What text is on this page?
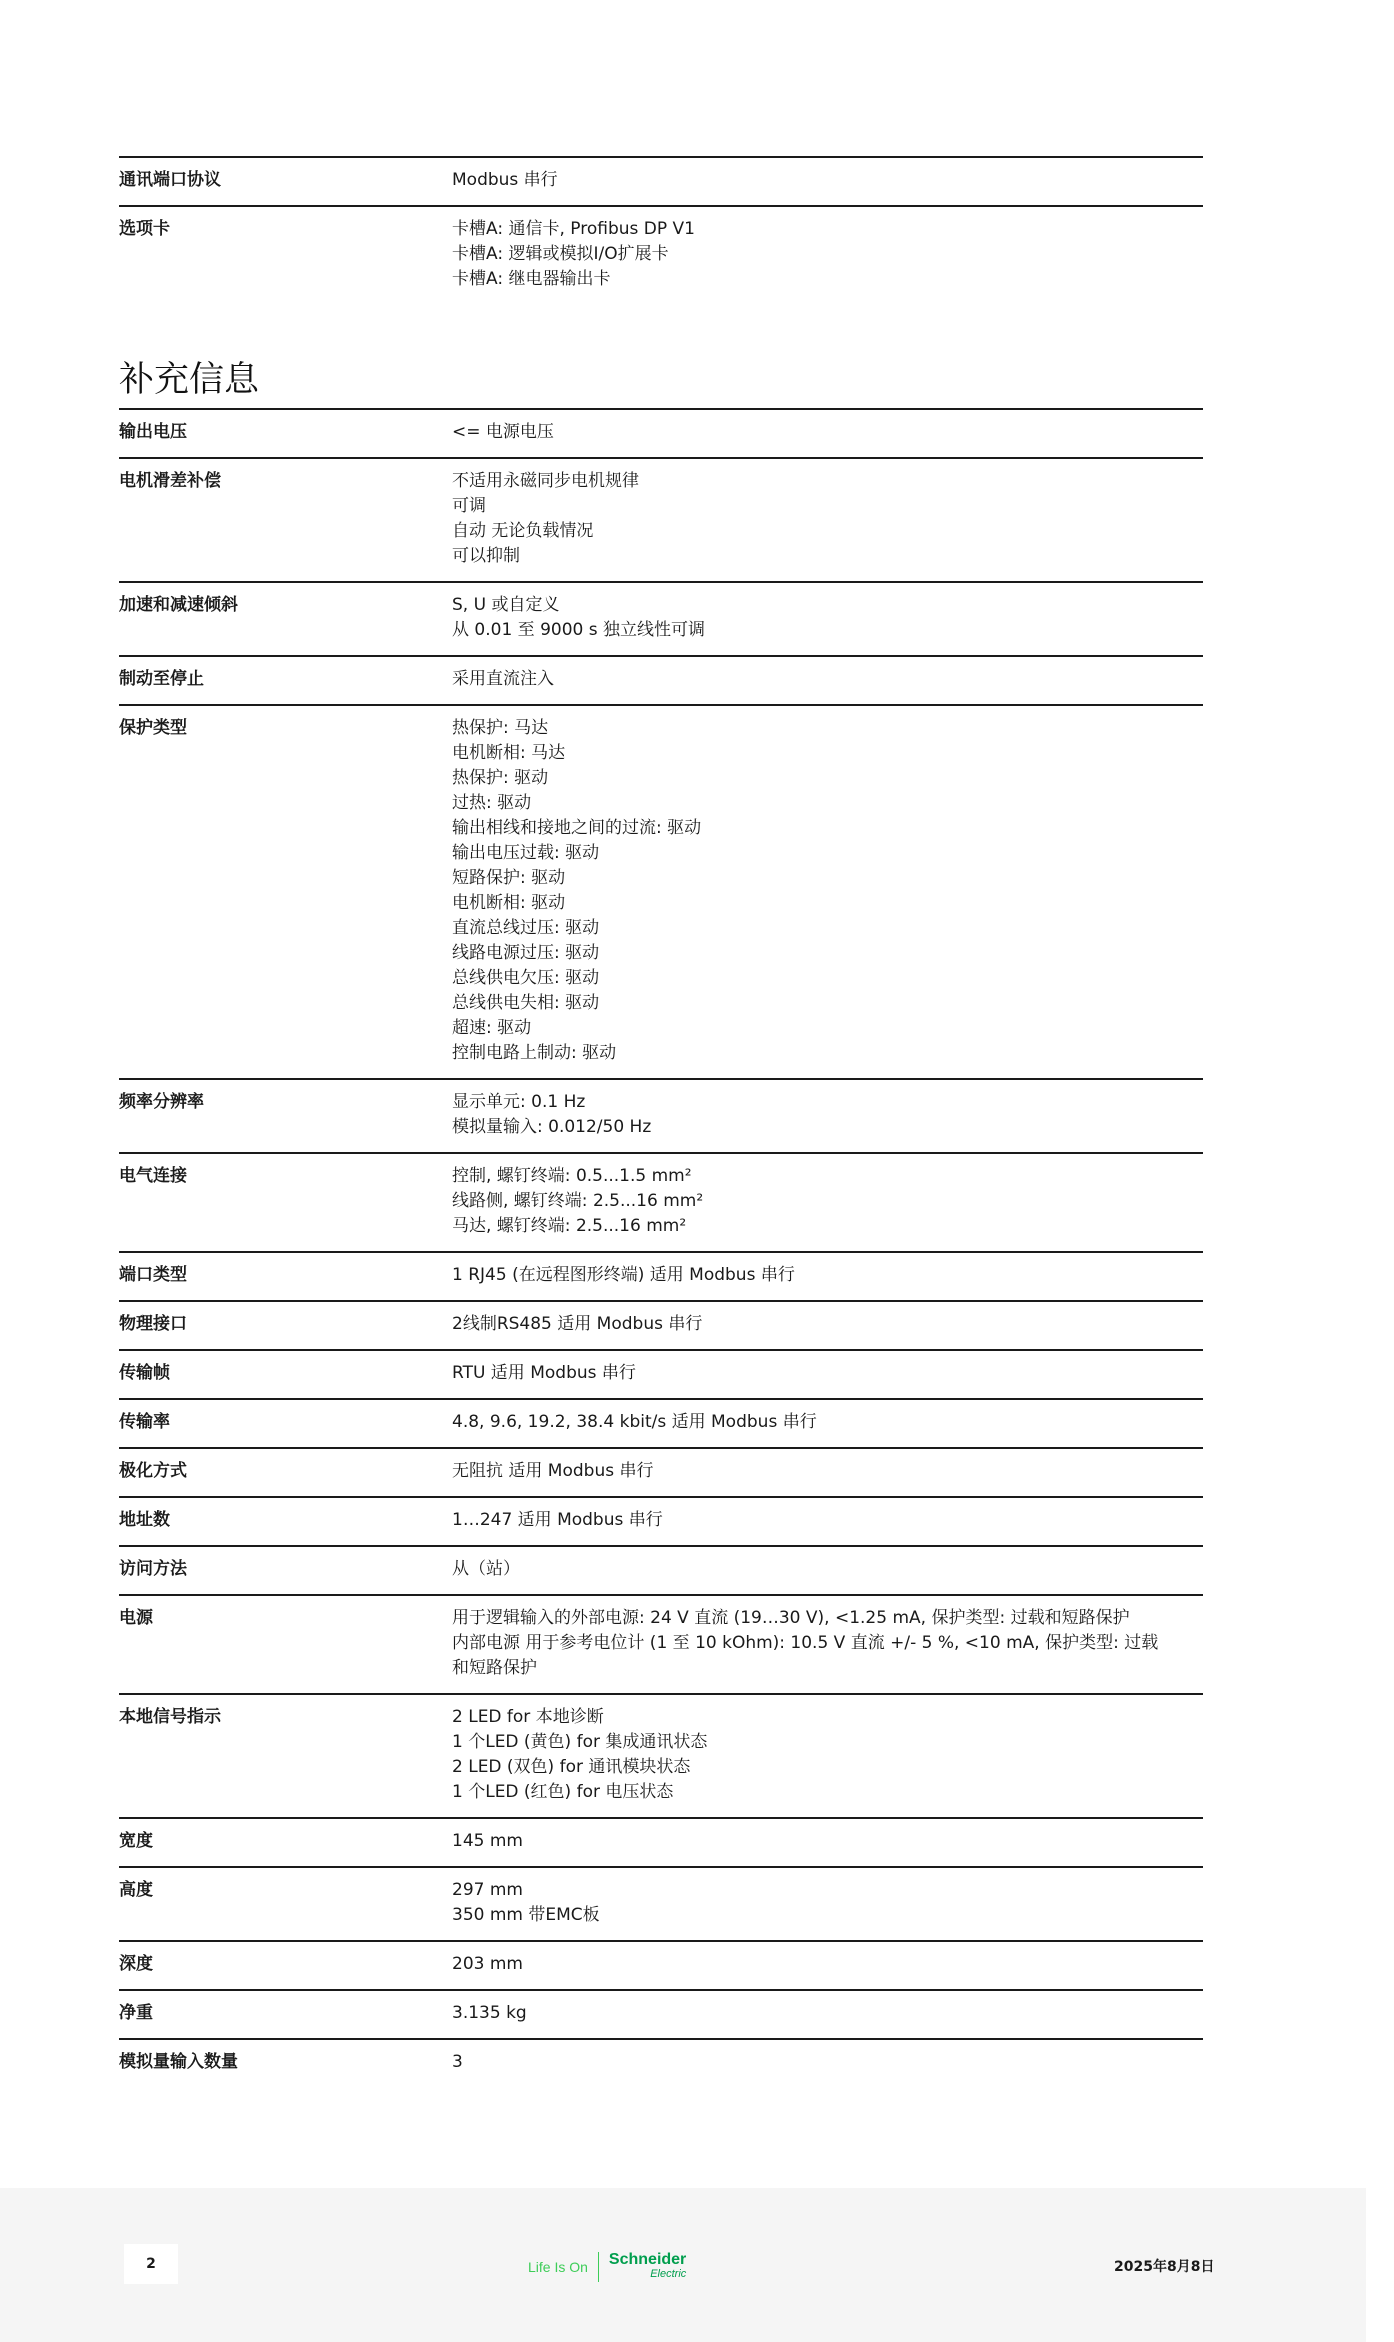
通讯端口协议	Modbus 串行
选项卡	卡槽A: 通信卡, Profibus DP V1
卡槽A: 逻辑或模拟I/O扩展卡
卡槽A: 继电器输出卡
补充信息
输出电压	<= 电源电压
电机滑差补偿	不适用永磁同步电机规律
可调
自动 无论负载情况
可以抑制
加速和减速倾斜	S, U 或自定义
从 0.01 至 9000 s 独立线性可调
制动至停止	采用直流注入
保护类型	热保护: 马达
电机断相: 马达
热保护: 驱动
过热: 驱动
输出相线和接地之间的过流: 驱动
输出电压过载: 驱动
短路保护: 驱动
电机断相: 驱动
直流总线过压: 驱动
线路电源过压: 驱动
总线供电欠压: 驱动
总线供电失相: 驱动
超速: 驱动
控制电路上制动: 驱动
频率分辨率	显示单元: 0.1 Hz
模拟量输入: 0.012/50 Hz
电气连接	控制, 螺钉终端: 0.5...1.5 mm²
线路侧, 螺钉终端: 2.5...16 mm²
马达, 螺钉终端: 2.5...16 mm²
端口类型	1 RJ45 (在远程图形终端) 适用 Modbus 串行
物理接口	2线制RS485 适用 Modbus 串行
传输帧	RTU 适用 Modbus 串行
传输率	4.8, 9.6, 19.2, 38.4 kbit/s 适用 Modbus 串行
极化方式	无阻抗 适用 Modbus 串行
地址数	1…247 适用 Modbus 串行
访问方法	从（站）
电源	用于逻辑输入的外部电源: 24 V 直流 (19…30 V), <1.25 mA, 保护类型: 过载和短路保护
内部电源 用于参考电位计 (1 至 10 kOhm): 10.5 V 直流 +/- 5 %, <10 mA, 保护类型: 过载和短路保护
本地信号指示	2 LED for 本地诊断
1 个LED (黄色) for 集成通讯状态
2 LED (双色) for 通讯模块状态
1 个LED (红色) for 电压状态
宽度	145 mm
高度	297 mm
350 mm 带EMC板
深度	203 mm
净重	3.135 kg
模拟量输入数量	3
2	Life Is On Schneider
Electric	2025年8月8日
